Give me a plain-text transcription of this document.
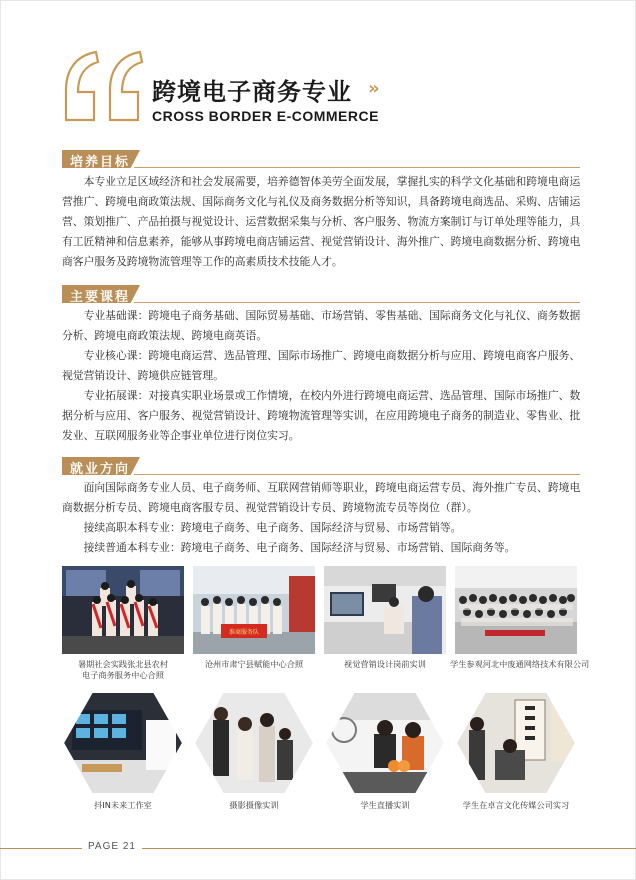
跨境电子商务专业 »
CROSS BORDER E-COMMERCE
培养目标

本专业立足区域经济和社会发展需要，培养德智体美劳全面发展，掌握扎实的科学文化基础和跨境电商运营推广、跨境电商政策法规、国际商务文化与礼仪及商务数据分析等知识，具备跨境电商选品、采购、店铺运营、策划推广、产品拍摄与视觉设计、运营数据采集与分析、客户服务、物流方案制订与订单处理等能力，具有工匠精神和信息素养，能够从事跨境电商店铺运营、视觉营销设计、海外推广、跨境电商数据分析、跨境电商客户服务及跨境物流管理等工作的高素质技术技能人才。

主要课程

专业基础课：跨境电子商务基础、国际贸易基础、市场营销、零售基础、国际商务文化与礼仪、商务数据分析、跨境电商政策法规、跨境电商英语。

专业核心课：跨境电商运营、选品管理、国际市场推广、跨境电商数据分析与应用、跨境电商客户服务、视觉营销设计、跨境供应链管理。

专业拓展课：对接真实职业场景或工作情境，在校内外进行跨境电商运营、选品管理、国际市场推广、数据分析与应用、客户服务、视觉营销设计、跨境物流管理等实训，在应用跨境电子商务的制造业、零售业、批发业、互联网服务业等企事业单位进行岗位实习。

就业方向

面向国际商务专业人员、电子商务师、互联网营销师等职业，跨境电商运营专员、海外推广专员、跨境电商数据分析专员、跨境电商客服专员、视觉营销设计专员、跨境物流专员等岗位（群）。

接续高职本科专业：跨境电子商务、电子商务、国际经济与贸易、市场营销等。

接续普通本科专业：跨境电子商务、电子商务、国际经济与贸易、市场营销、国际商务等。

淮商服务队
暑期社会实践张北县农村
电子商务服务中心合照
沧州市肃宁县赋能中心合照	视觉营销设计岗前实训	学生参观河北中废通网络技术有限公司
抖IN未来工作室	摄影摄像实训	学生直播实训	学生在卓言文化传媒公司实习
PAGE 21
